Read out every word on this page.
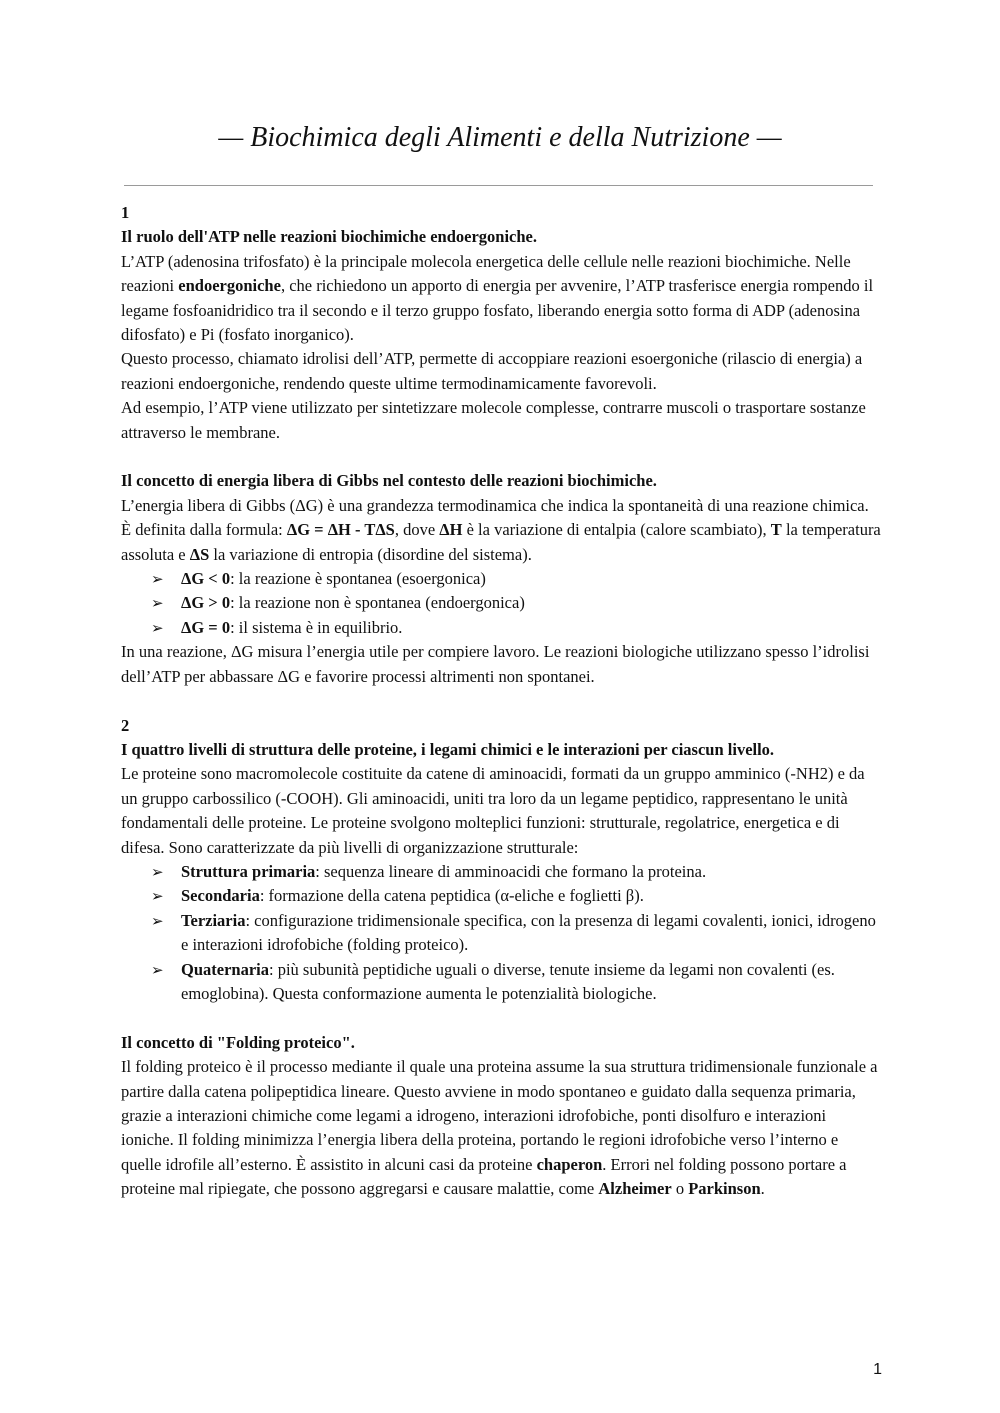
— Biochimica degli Alimenti e della Nutrizione —

1

Il ruolo dell'ATP nelle reazioni biochimiche endoergoniche.

L’ATP (adenosina trifosfato) è la principale molecola energetica delle cellule nelle reazioni biochimiche. Nelle reazioni endoergoniche, che richiedono un apporto di energia per avvenire, l’ATP trasferisce energia rompendo il legame fosfoanidridico tra il secondo e il terzo gruppo fosfato, liberando energia sotto forma di ADP (adenosina difosfato) e Pi (fosfato inorganico).

Questo processo, chiamato idrolisi dell’ATP, permette di accoppiare reazioni esoergoniche (rilascio di energia) a reazioni endoergoniche, rendendo queste ultime termodinamicamente favorevoli.

Ad esempio, l’ATP viene utilizzato per sintetizzare molecole complesse, contrarre muscoli o trasportare sostanze attraverso le membrane.

Il concetto di energia libera di Gibbs nel contesto delle reazioni biochimiche.

L’energia libera di Gibbs (ΔG) è una grandezza termodinamica che indica la spontaneità di una reazione chimica. È definita dalla formula: ΔG = ΔH - TΔS, dove ΔH è la variazione di entalpia (calore scambiato), T la temperatura assoluta e ΔS la variazione di entropia (disordine del sistema).

➢ ΔG < 0: la reazione è spontanea (esoergonica)
➢ ΔG > 0: la reazione non è spontanea (endoergonica)
➢ ΔG = 0: il sistema è in equilibrio.

In una reazione, ΔG misura l’energia utile per compiere lavoro. Le reazioni biologiche utilizzano spesso l’idrolisi dell’ATP per abbassare ΔG e favorire processi altrimenti non spontanei.

2

I quattro livelli di struttura delle proteine, i legami chimici e le interazioni per ciascun livello.

Le proteine sono macromolecole costituite da catene di aminoacidi, formati da un gruppo amminico (-NH2) e da un gruppo carbossilico (-COOH). Gli aminoacidi, uniti tra loro da un legame peptidico, rappresentano le unità fondamentali delle proteine. Le proteine svolgono molteplici funzioni: strutturale, regolatrice, energetica e di difesa. Sono caratterizzate da più livelli di organizzazione strutturale:

➢ Struttura primaria: sequenza lineare di amminoacidi che formano la proteina.
➢ Secondaria: formazione della catena peptidica (α-eliche e foglietti β).
➢ Terziaria: configurazione tridimensionale specifica, con la presenza di legami covalenti, ionici, idrogeno e interazioni idrofobiche (folding proteico).
➢ Quaternaria: più subunità peptidiche uguali o diverse, tenute insieme da legami non covalenti (es. emoglobina). Questa conformazione aumenta le potenzialità biologiche.

Il concetto di "Folding proteico".

Il folding proteico è il processo mediante il quale una proteina assume la sua struttura tridimensionale funzionale a partire dalla catena polipeptidica lineare. Questo avviene in modo spontaneo e guidato dalla sequenza primaria, grazie a interazioni chimiche come legami a idrogeno, interazioni idrofobiche, ponti disolfuro e interazioni ioniche. Il folding minimizza l’energia libera della proteina, portando le regioni idrofobiche verso l’interno e quelle idrofile all’esterno. È assistito in alcuni casi da proteine chaperon. Errori nel folding possono portare a proteine mal ripiegate, che possono aggregarsi e causare malattie, come Alzheimer o Parkinson.

1
